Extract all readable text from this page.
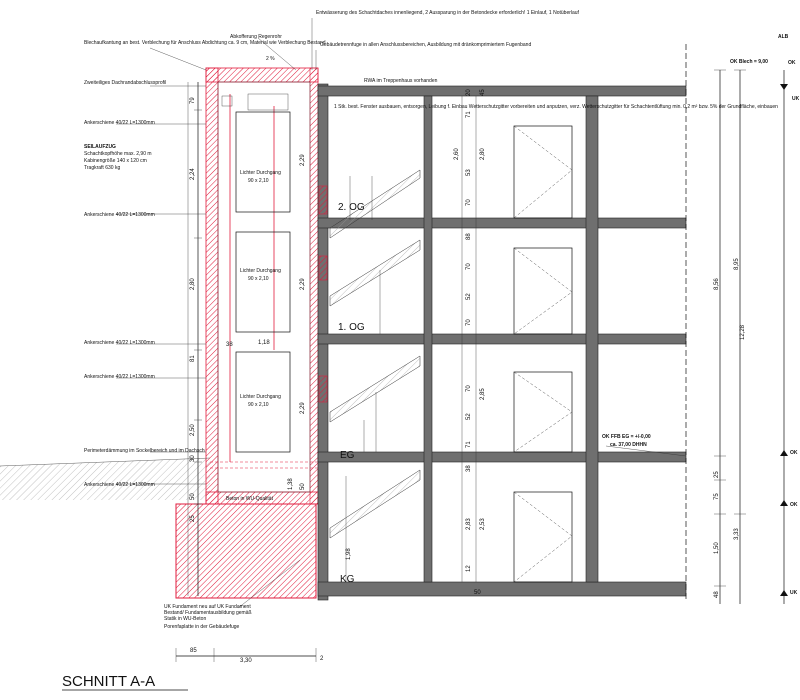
SCHNITT A-A
2. OG
1. OG
EG
KG
ALB
OK Blech = 9,00	OK
UK
OK
OK
UK
Blechaufkantung an best. Verblechung für Anschluss Abdichtung ca. 9 cm, Material wie Verblechung Bestand
Abkofferung Regenrohr
2 %
Entwässerung des Schachtdaches innenliegend, 2 Aussparung in der Betondecke erforderlich! 1 Einlauf, 1 Notüberlauf
Gebäudetrennfuge in allen Anschlussbereichen, Ausbildung mit dränkomprimiertem Fugenband
RWA im Treppenhaus vorhanden
1 Stk. best. Fenster ausbauen, entsorgen, Leibung f. Einbau Wetterschutzgitter vorbereiten und anputzen, verz. Wetterschutzgitter für Schachtentlüftung min. 0,2 m² bzw. 5% der Grundfläche, einbauen
Zweiteiliges Dachrandabschlussprofil
Ankerschiene 40/22 L=1300mm
Ankerschiene 40/22 L=1300mm
Ankerschiene 40/22 L=1300mm
Ankerschiene 40/22 L=1300mm
Ankerschiene 40/22 L=1300mm
SEILAUFZUG
Schachtkopfhöhe max. 2,90 m
Kabinengröße 140 x 120 cm
Tragkraft 630 kg
Perimeterdämmung im Sockelbereich und im Dachsch
Beton in WU-Qualität
Lichter Durchgang
90 x 2,10
Lichter Durchgang
90 x 2,10
Lichter Durchgang
90 x 2,10
UK Fundament neu auf UK Fundament
Bestand/ Fundamentausbildung gemäß
Statik in WU-Beton
Porenfaplatte in der Gebäudefuge
OK FFB EG = +/-0,00
ca. 37,00 DHHN
79
2,24
2,80
81
2,50
30
50
25
2,29
2,29
2,29
1,18
38
1,38 50
2,60	2,80
2,85
2,83
1,98
2,53
71
53
70
88
70
52
70
70
52
71
20 45
38
12
50
8,56
8,95
12,28
25
75
1,50
48
3,33
85
3,30	2
